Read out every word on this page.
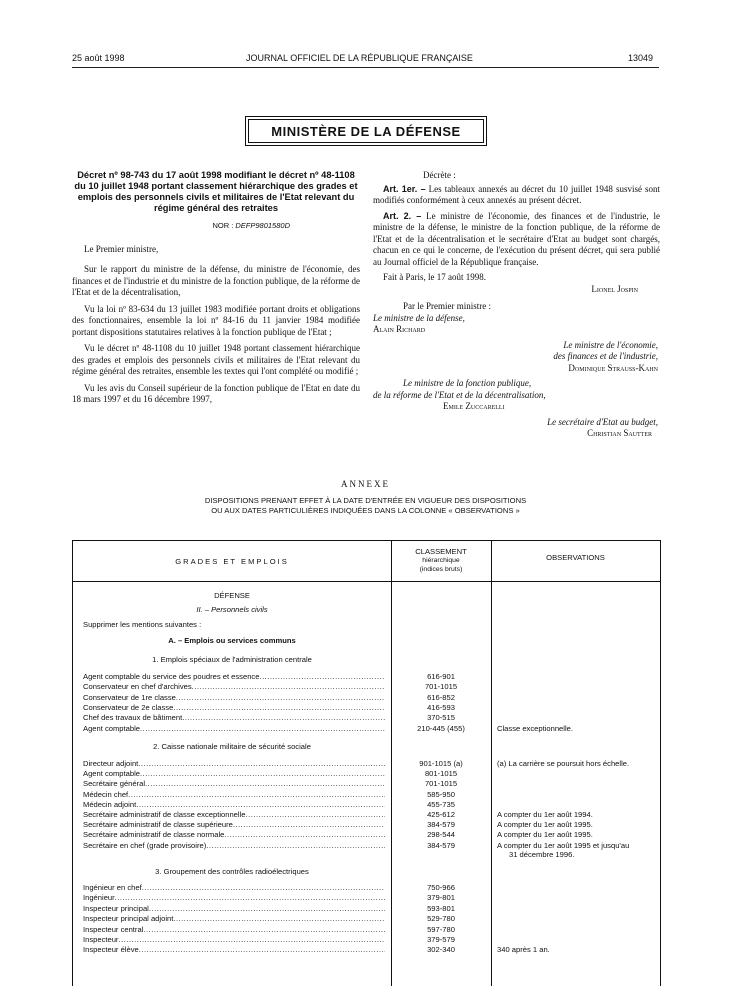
25 août 1998	JOURNAL OFFICIEL DE LA RÉPUBLIQUE FRANÇAISE	13049
MINISTÈRE DE LA DÉFENSE
Décret nº 98-743 du 17 août 1998 modifiant le décret nº 48-1108 du 10 juillet 1948 portant classement hiérarchique des grades et emplois des personnels civils et militaires de l'Etat relevant du régime général des retraites
NOR : DEFP9801580D

Le Premier ministre,

Sur le rapport du ministre de la défense, du ministre de l'économie, des finances et de l'industrie et du ministre de la fonction publique, de la réforme de l'Etat et de la décentralisation,

Vu la loi nº 83-634 du 13 juillet 1983 modifiée portant droits et obligations des fonctionnaires, ensemble la loi nº 84-16 du 11 janvier 1984 modifiée portant dispositions statutaires relatives à la fonction publique de l'Etat ;

Vu le décret nº 48-1108 du 10 juillet 1948 portant classement hiérarchique des grades et emplois des personnels civils et militaires de l'Etat relevant du régime général des retraites, ensemble les textes qui l'ont complété ou modifié ;

Vu les avis du Conseil supérieur de la fonction publique de l'Etat en date du 18 mars 1997 et du 16 décembre 1997,

Décrète :

Art. 1er. – Les tableaux annexés au décret du 10 juillet 1948 susvisé sont modifiés conformément à ceux annexés au présent décret.

Art. 2. – Le ministre de l'économie, des finances et de l'industrie, le ministre de la défense, le ministre de la fonction publique, de la réforme de l'Etat et de la décentralisation et le secrétaire d'Etat au budget sont chargés, chacun en ce qui le concerne, de l'exécution du présent décret, qui sera publié au Journal officiel de la République française.

Fait à Paris, le 17 août 1998.

Lionel Jospin

Par le Premier ministre :

Le ministre de la défense,

Alain Richard

Le ministre de l'économie,

des finances et de l'industrie,

Dominique Strauss-Kahn

Le ministre de la fonction publique,

de la réforme de l'Etat et de la décentralisation,

Emile Zuccarelli

Le secrétaire d'Etat au budget,

Christian Sautter

ANNEXE
DISPOSITIONS PRENANT EFFET À LA DATE D'ENTRÉE EN VIGUEUR DES DISPOSITIONS
OU AUX DATES PARTICULIÈRES INDIQUÉES DANS LA COLONNE « OBSERVATIONS »
GRADES ET EMPLOIS
CLASSEMENT
hiérarchique
(indices bruts)
OBSERVATIONS
DÉFENSE
II. – Personnels civils
Supprimer les mentions suivantes :
A. – Emplois ou services communs
1. Emplois spéciaux de l'administration centrale
Agent comptable du service des poudres et essence .....	616-901
Conservateur en chef d'archives .....	701-1015
Conservateur de 1re classe .....	616-852
Conservateur de 2e classe .....	416-593
Chef des travaux de bâtiment .....	370-515
Agent comptable .....	210-445 (455)	Classe exceptionnelle.
2. Caisse nationale militaire de sécurité sociale
Directeur adjoint .....	901-1015 (a)	(a) La carrière se poursuit hors échelle.
Agent comptable .....	801-1015
Secrétaire général .....	701-1015
Médecin chef .....	585-950
Médecin adjoint .....	455-735
Secrétaire administratif de classe exceptionnelle .....	425-612	A compter du 1er août 1994.
Secrétaire administratif de classe supérieure .....	384-579	A compter du 1er août 1995.
Secrétaire administratif de classe normale .....	298-544	A compter du 1er août 1995.
Secrétaire en chef (grade provisoire) .....	384-579	A compter du 1er août 1995 et jusqu'au
31 décembre 1996.
3. Groupement des contrôles radioélectriques
Ingénieur en chef .....	750-966
Ingénieur .....	379-801
Inspecteur principal .....	593-801
Inspecteur principal adjoint .....	529-780
Inspecteur central .....	597-780
Inspecteur .....	379-579
Inspecteur élève .....	302-340	340 après 1 an.
